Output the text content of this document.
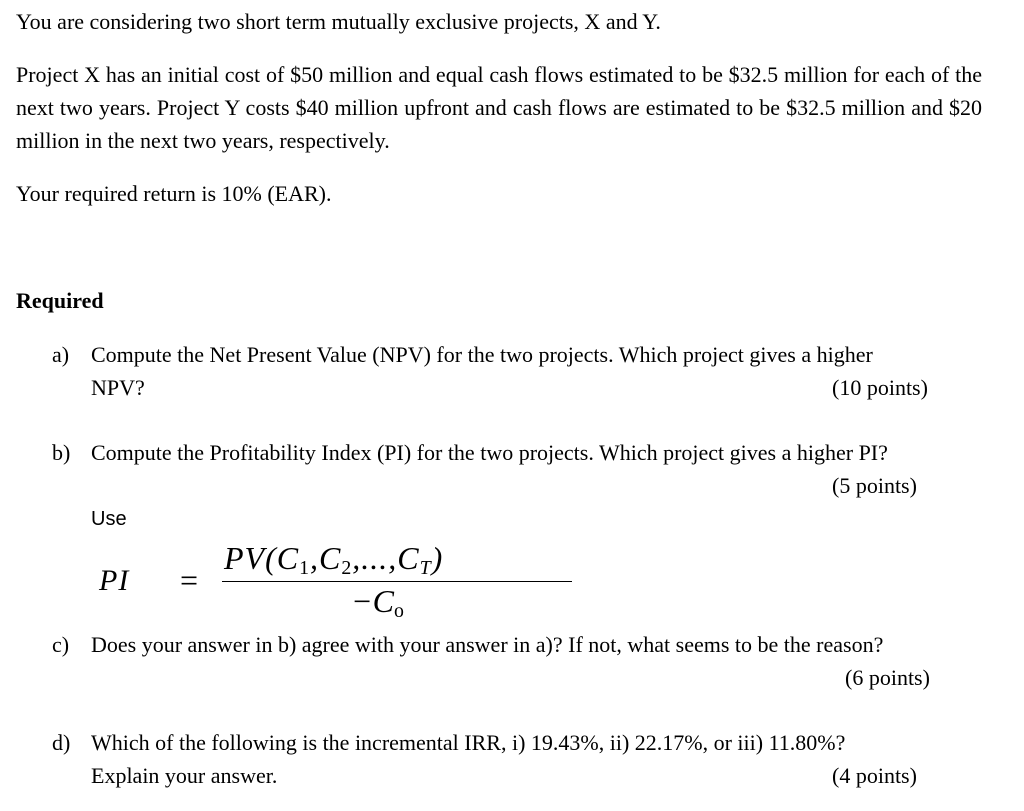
You are considering two short term mutually exclusive projects, X and Y.
Project X has an initial cost of $50 million and equal cash flows estimated to be $32.5 million for each of the next two years. Project Y costs $40 million upfront and cash flows are estimated to be $32.5 million and $20 million in the next two years, respectively.
Your required return is 10% (EAR).
Required
a) Compute the Net Present Value (NPV) for the two projects. Which project gives a higher
NPV?	(10 points)
b) Compute the Profitability Index (PI) for the two projects. Which project gives a higher PI?
(5 points)
Use
PI =
$PV(C_1,C_2,...,C_T)$
$-C_o$
c) Does your answer in b) agree with your answer in a)? If not, what seems to be the reason?
(6 points)
d) Which of the following is the incremental IRR, i) 19.43%, ii) 22.17%, or iii) 11.80%?
Explain your answer.	(4 points)
